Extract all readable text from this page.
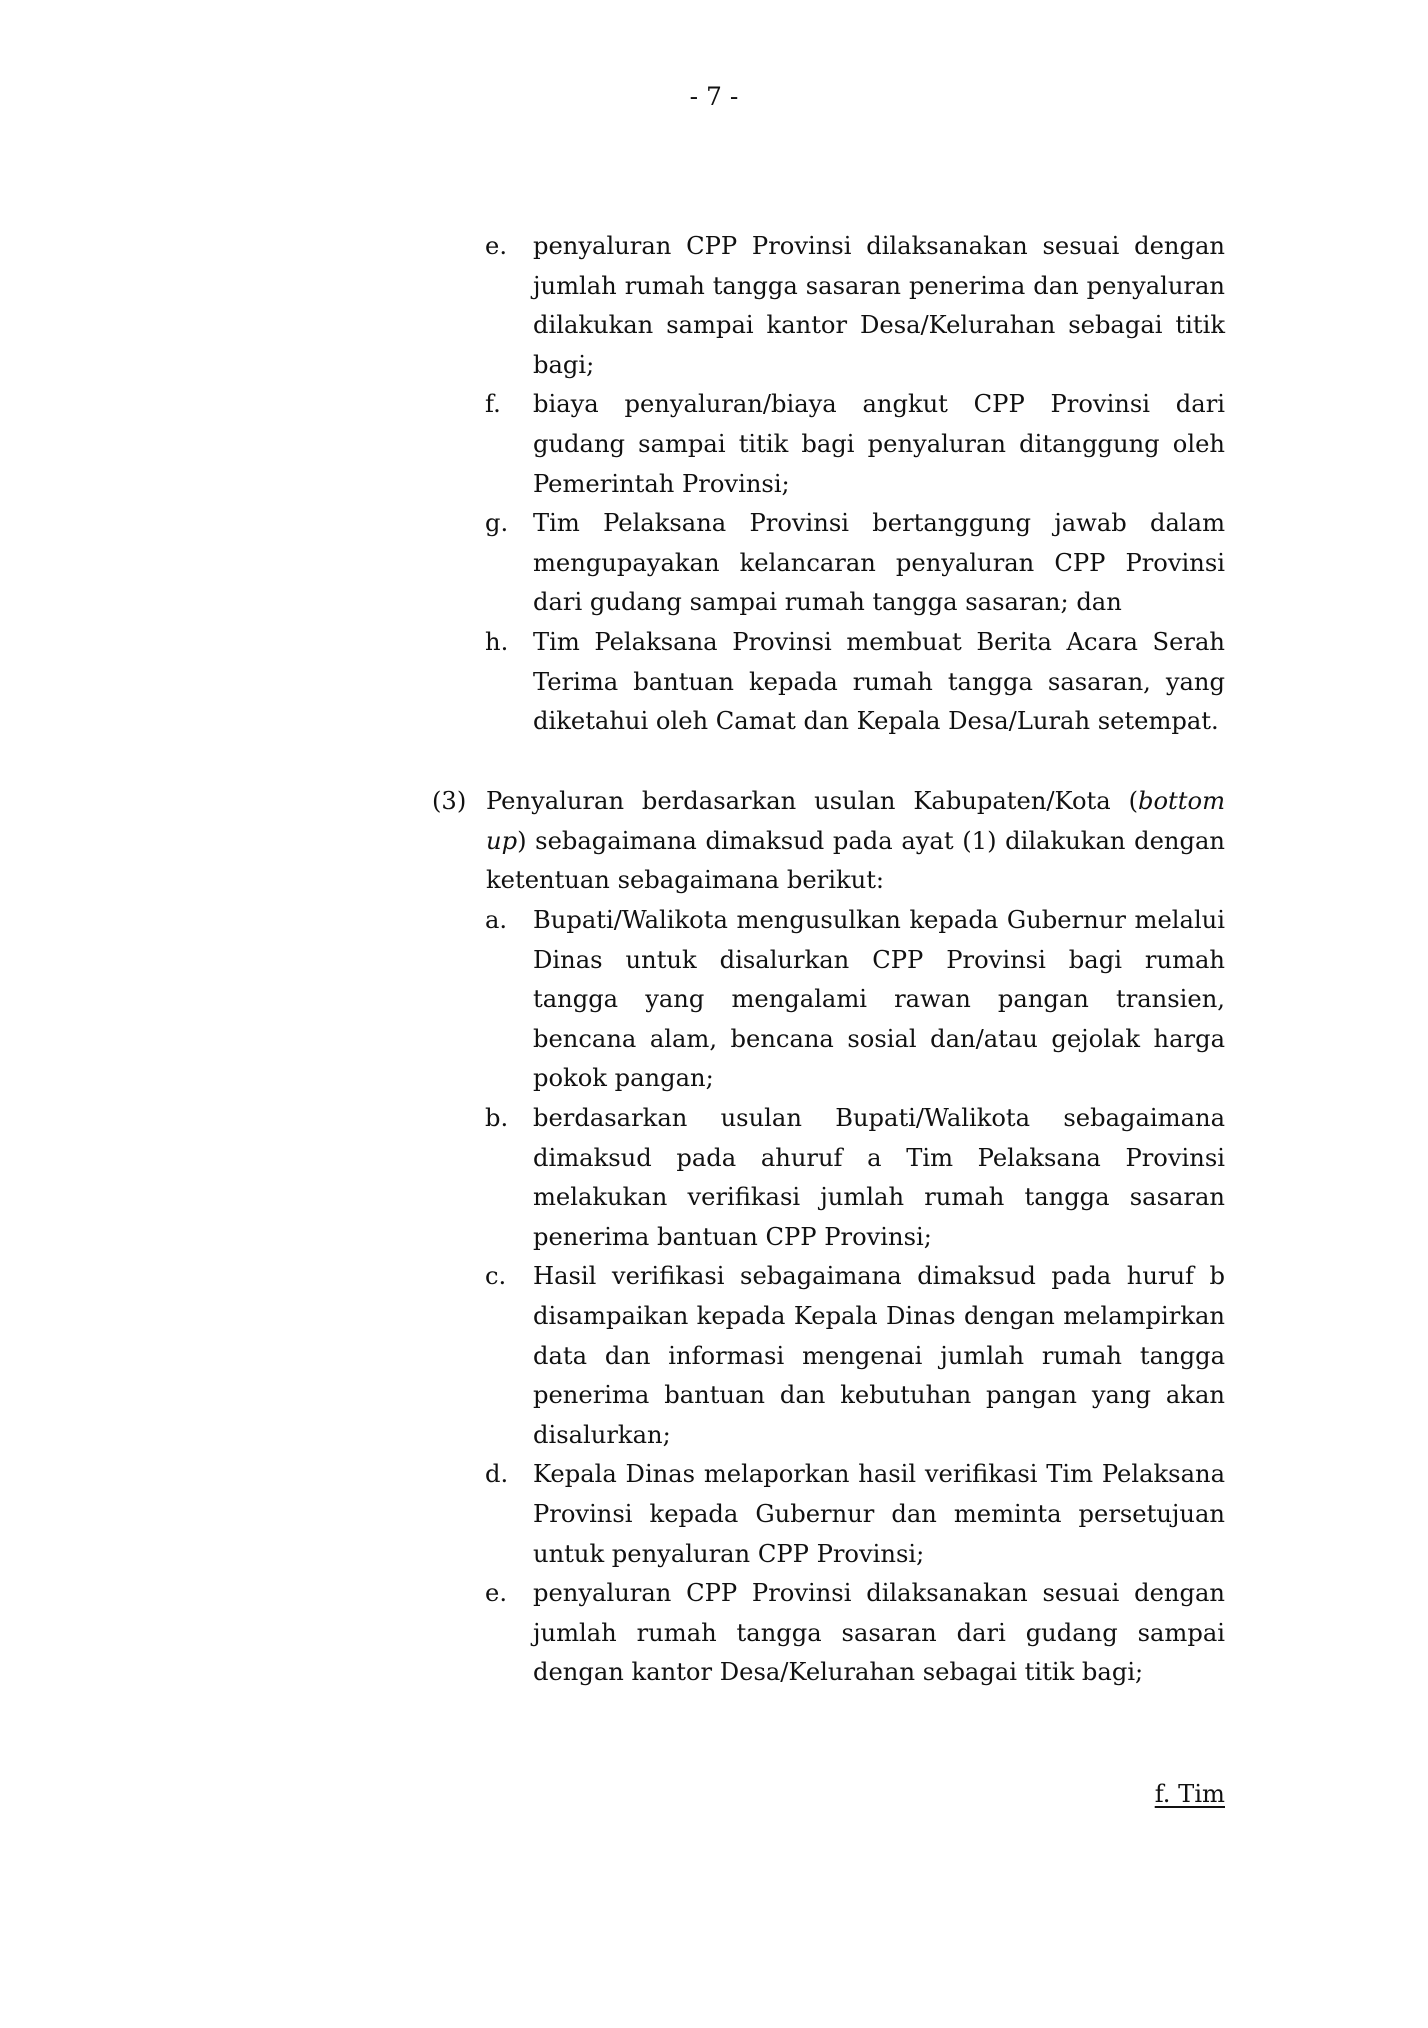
- 7 -
e. penyaluran CPP Provinsi dilaksanakan sesuai dengan jumlah rumah tangga sasaran penerima dan penyaluran dilakukan sampai kantor Desa/Kelurahan sebagai titik bagi;
f. biaya penyaluran/biaya angkut CPP Provinsi dari gudang sampai titik bagi penyaluran ditanggung oleh Pemerintah Provinsi;
g. Tim Pelaksana Provinsi bertanggung jawab dalam mengupayakan kelancaran penyaluran CPP Provinsi dari gudang sampai rumah tangga sasaran; dan
h. Tim Pelaksana Provinsi membuat Berita Acara Serah Terima bantuan kepada rumah tangga sasaran, yang diketahui oleh Camat dan Kepala Desa/Lurah setempat.
(3) Penyaluran berdasarkan usulan Kabupaten/Kota (bottom up) sebagaimana dimaksud pada ayat (1) dilakukan dengan ketentuan sebagaimana berikut:
a. Bupati/Walikota mengusulkan kepada Gubernur melalui Dinas untuk disalurkan CPP Provinsi bagi rumah tangga yang mengalami rawan pangan transien, bencana alam, bencana sosial dan/atau gejolak harga pokok pangan;
b. berdasarkan usulan Bupati/Walikota sebagaimana dimaksud pada ahuruf a Tim Pelaksana Provinsi melakukan verifikasi jumlah rumah tangga sasaran penerima bantuan CPP Provinsi;
c. Hasil verifikasi sebagaimana dimaksud pada huruf b disampaikan kepada Kepala Dinas dengan melampirkan data dan informasi mengenai jumlah rumah tangga penerima bantuan dan kebutuhan pangan yang akan disalurkan;
d. Kepala Dinas melaporkan hasil verifikasi Tim Pelaksana Provinsi kepada Gubernur dan meminta persetujuan untuk penyaluran CPP Provinsi;
e. penyaluran CPP Provinsi dilaksanakan sesuai dengan jumlah rumah tangga sasaran dari gudang sampai dengan kantor Desa/Kelurahan sebagai titik bagi;
f. Tim
